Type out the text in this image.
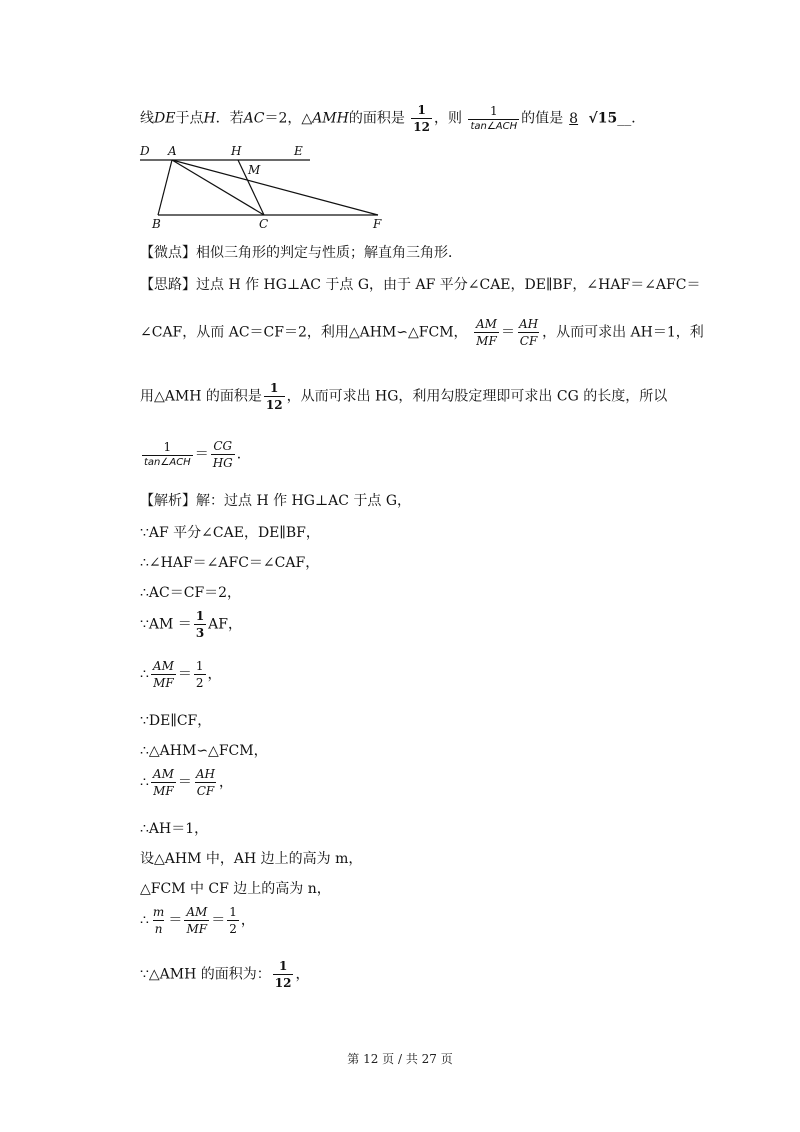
线DE于点H．若AC＝2，△AMH的面积是 $\frac{1}{12}$ ，则 $\frac{1}{\text{tan∠ACH}}$ 的值是 8 √15__．
D A	H	E
M
B	C	F
【微点】相似三角形的判定与性质；解直角三角形．
【思路】过点 H 作 HG⊥AC 于点 G，由于 AF 平分∠CAE，DE∥BF，∠HAF＝∠AFC＝
∠CAF，从而 AC＝CF＝2，利用△AHM∽△FCM， $\frac{AM}{MF} = \frac{AH}{CF}$ ，从而可求出 AH＝1，利
用△AMH 的面积是 $\frac{1}{12}$ ，从而可求出 HG，利用勾股定理即可求出 CG 的长度，所以
$\frac{1}{\text{tan∠ACH}} = \frac{CG}{HG}$ ．
【解析】解：过点 H 作 HG⊥AC 于点 G，
∵AF 平分∠CAE，DE∥BF，
∴∠HAF＝∠AFC＝∠CAF，
∴AC＝CF＝2，
∵AM ＝ $\frac{1}{3}$ AF，
∴ $\frac{AM}{MF} = \frac{1}{2}$ ，
∵DE∥CF，
∴△AHM∽△FCM，
∴ $\frac{AM}{MF} = \frac{AH}{CF}$ ，
∴AH＝1，
设△AHM 中，AH 边上的高为 m，
△FCM 中 CF 边上的高为 n，
∴ $\frac{m}{n} = \frac{AM}{MF} = \frac{1}{2}$ ，
∵△AMH 的面积为： $\frac{1}{12}$ ，
第 12 页 / 共 27 页
